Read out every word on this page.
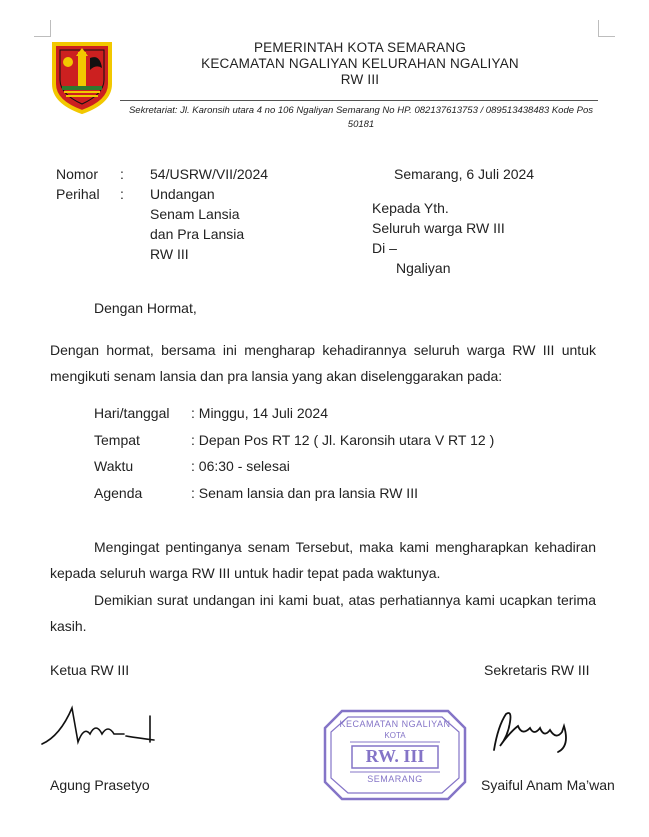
PEMERINTAH KOTA SEMARANG
KECAMATAN NGALIYAN KELURAHAN NGALIYAN
RW III
Sekretariat: Jl. Karonsih utara 4 no 106 Ngaliyan Semarang No HP. 082137613753 / 089513438483 Kode Pos 50181
Nomor : 54/USRW/VII/2024
Perihal : Undangan
Senam Lansia
dan Pra Lansia
RW III
Semarang, 6 Juli 2024
Kepada Yth.
Seluruh warga RW III
Di –
Ngaliyan
Dengan Hormat,
Dengan hormat, bersama ini mengharap kehadirannya seluruh warga RW III untuk mengikuti senam lansia dan pra lansia yang akan diselenggarakan pada:
Hari/tanggal : Minggu, 14 Juli 2024
Tempat	: Depan Pos RT 12 ( Jl. Karonsih utara V RT 12 )
Waktu	: 06:30 - selesai
Agenda	: Senam lansia dan pra lansia RW III
Mengingat pentinganya senam Tersebut, maka kami mengharapkan kehadiran kepada seluruh warga RW III untuk hadir tepat pada waktunya.
Demikian surat undangan ini kami buat, atas perhatiannya kami ucapkan terima kasih.
Ketua RW III	Sekretaris RW III
KECAMATAN NGALIYAN
KOTA
RW. III
SEMARANG
Agung Prasetyo	Syaiful Anam Ma’wan
